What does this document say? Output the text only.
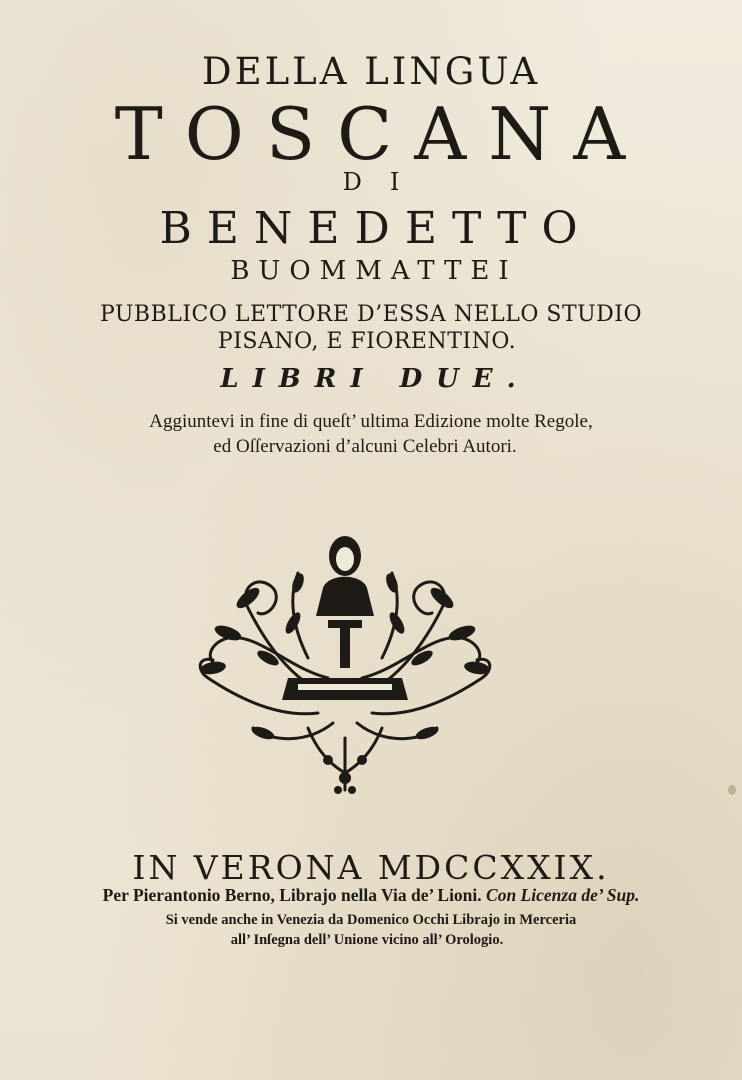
DELLA LINGUA
TOSCANA
DI
BENEDETTO
BUOMMATTEI
PUBBLICO LETTORE D’ESSA NELLO STUDIO
PISANO, E FIORENTINO.
LIBRI DUE.
Aggiuntevi in fine di queſt’ ultima Edizione molte Regole,
ed Oſſervazioni d’alcuni Celebri Autori.
IN VERONA MDCCXXIX.
Per Pierantonio Berno, Librajo nella Via de’ Lioni. Con Licenza de’ Sup.
Si vende anche in Venezia da Domenico Occhi Librajo in Merceria
all’ Inſegna dell’ Unione vicino all’ Orologio.
